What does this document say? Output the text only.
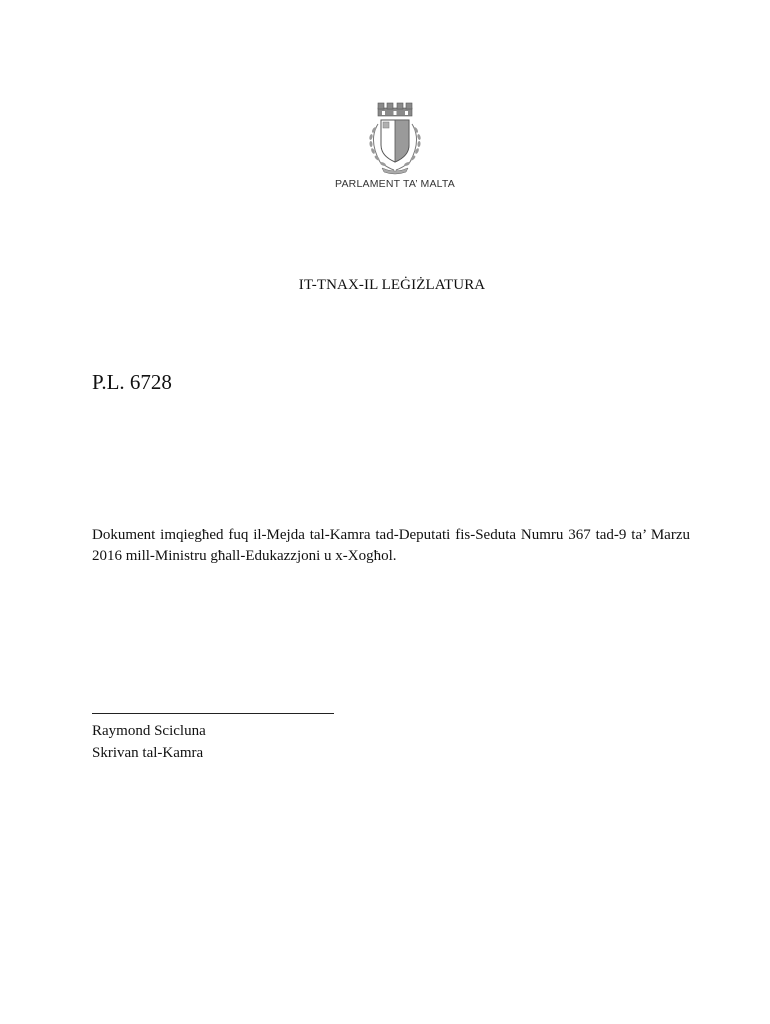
PARLAMENT TA’ MALTA
IT-TNAX-IL LEĠIŻLATURA
P.L. 6728
Dokument imqiegħed fuq il-Mejda tal-Kamra tad-Deputati fis-Seduta Numru 367 tad-9 ta’ Marzu 2016 mill-Ministru għall-Edukazzjoni u x-Xogħol.
Raymond Scicluna
Skrivan tal-Kamra
